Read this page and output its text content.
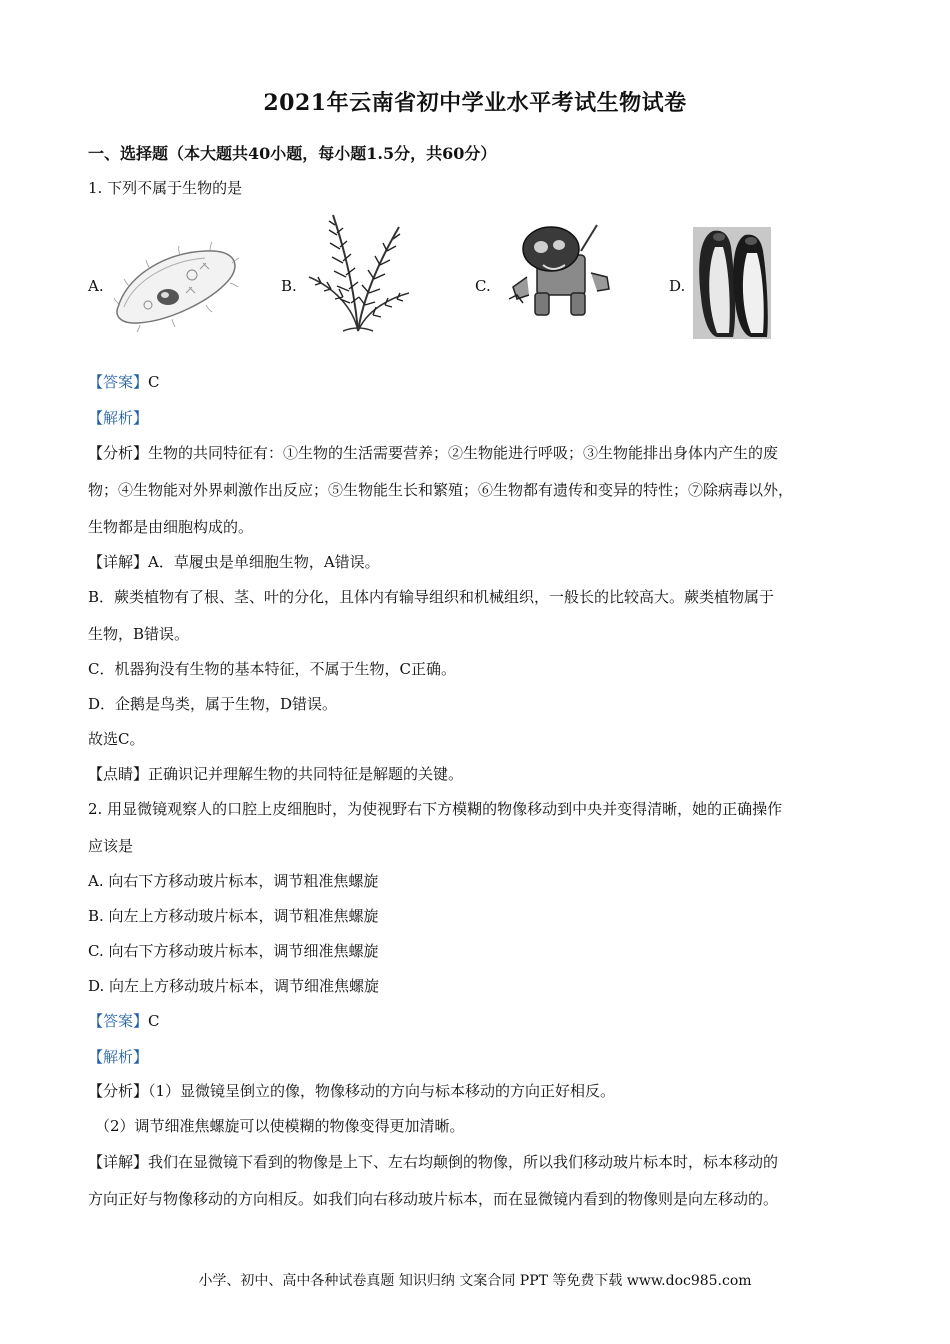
2021年云南省初中学业水平考试生物试卷
一、选择题（本大题共40小题，每小题1.5分，共60分）
1. 下列不属于生物的是
A.	B.	C.	D.
【答案】C
【解析】
【分析】生物的共同特征有：①生物的生活需要营养；②生物能进行呼吸；③生物能排出身体内产生的废
物；④生物能对外界刺激作出反应；⑤生物能生长和繁殖；⑥生物都有遗传和变异的特性；⑦除病毒以外，
生物都是由细胞构成的。
【详解】A．草履虫是单细胞生物，A错误。
B．蕨类植物有了根、茎、叶的分化，且体内有输导组织和机械组织，一般长的比较高大。蕨类植物属于
生物，B错误。
C．机器狗没有生物的基本特征，不属于生物，C正确。
D．企鹅是鸟类，属于生物，D错误。
故选C。
【点睛】正确识记并理解生物的共同特征是解题的关键。
2. 用显微镜观察人的口腔上皮细胞时，为使视野右下方模糊的物像移动到中央并变得清晰，她的正确操作
应该是
A. 向右下方移动玻片标本，调节粗准焦螺旋
B. 向左上方移动玻片标本，调节粗准焦螺旋
C. 向右下方移动玻片标本，调节细准焦螺旋
D. 向左上方移动玻片标本，调节细准焦螺旋
【答案】C
【解析】
【分析】（1）显微镜呈倒立的像，物像移动的方向与标本移动的方向正好相反。
（2）调节细准焦螺旋可以使模糊的物像变得更加清晰。
【详解】我们在显微镜下看到的物像是上下、左右均颠倒的物像，所以我们移动玻片标本时，标本移动的
方向正好与物像移动的方向相反。如我们向右移动玻片标本，而在显微镜内看到的物像则是向左移动的。
小学、初中、高中各种试卷真题 知识归纳 文案合同 PPT 等免费下载 www.doc985.com
